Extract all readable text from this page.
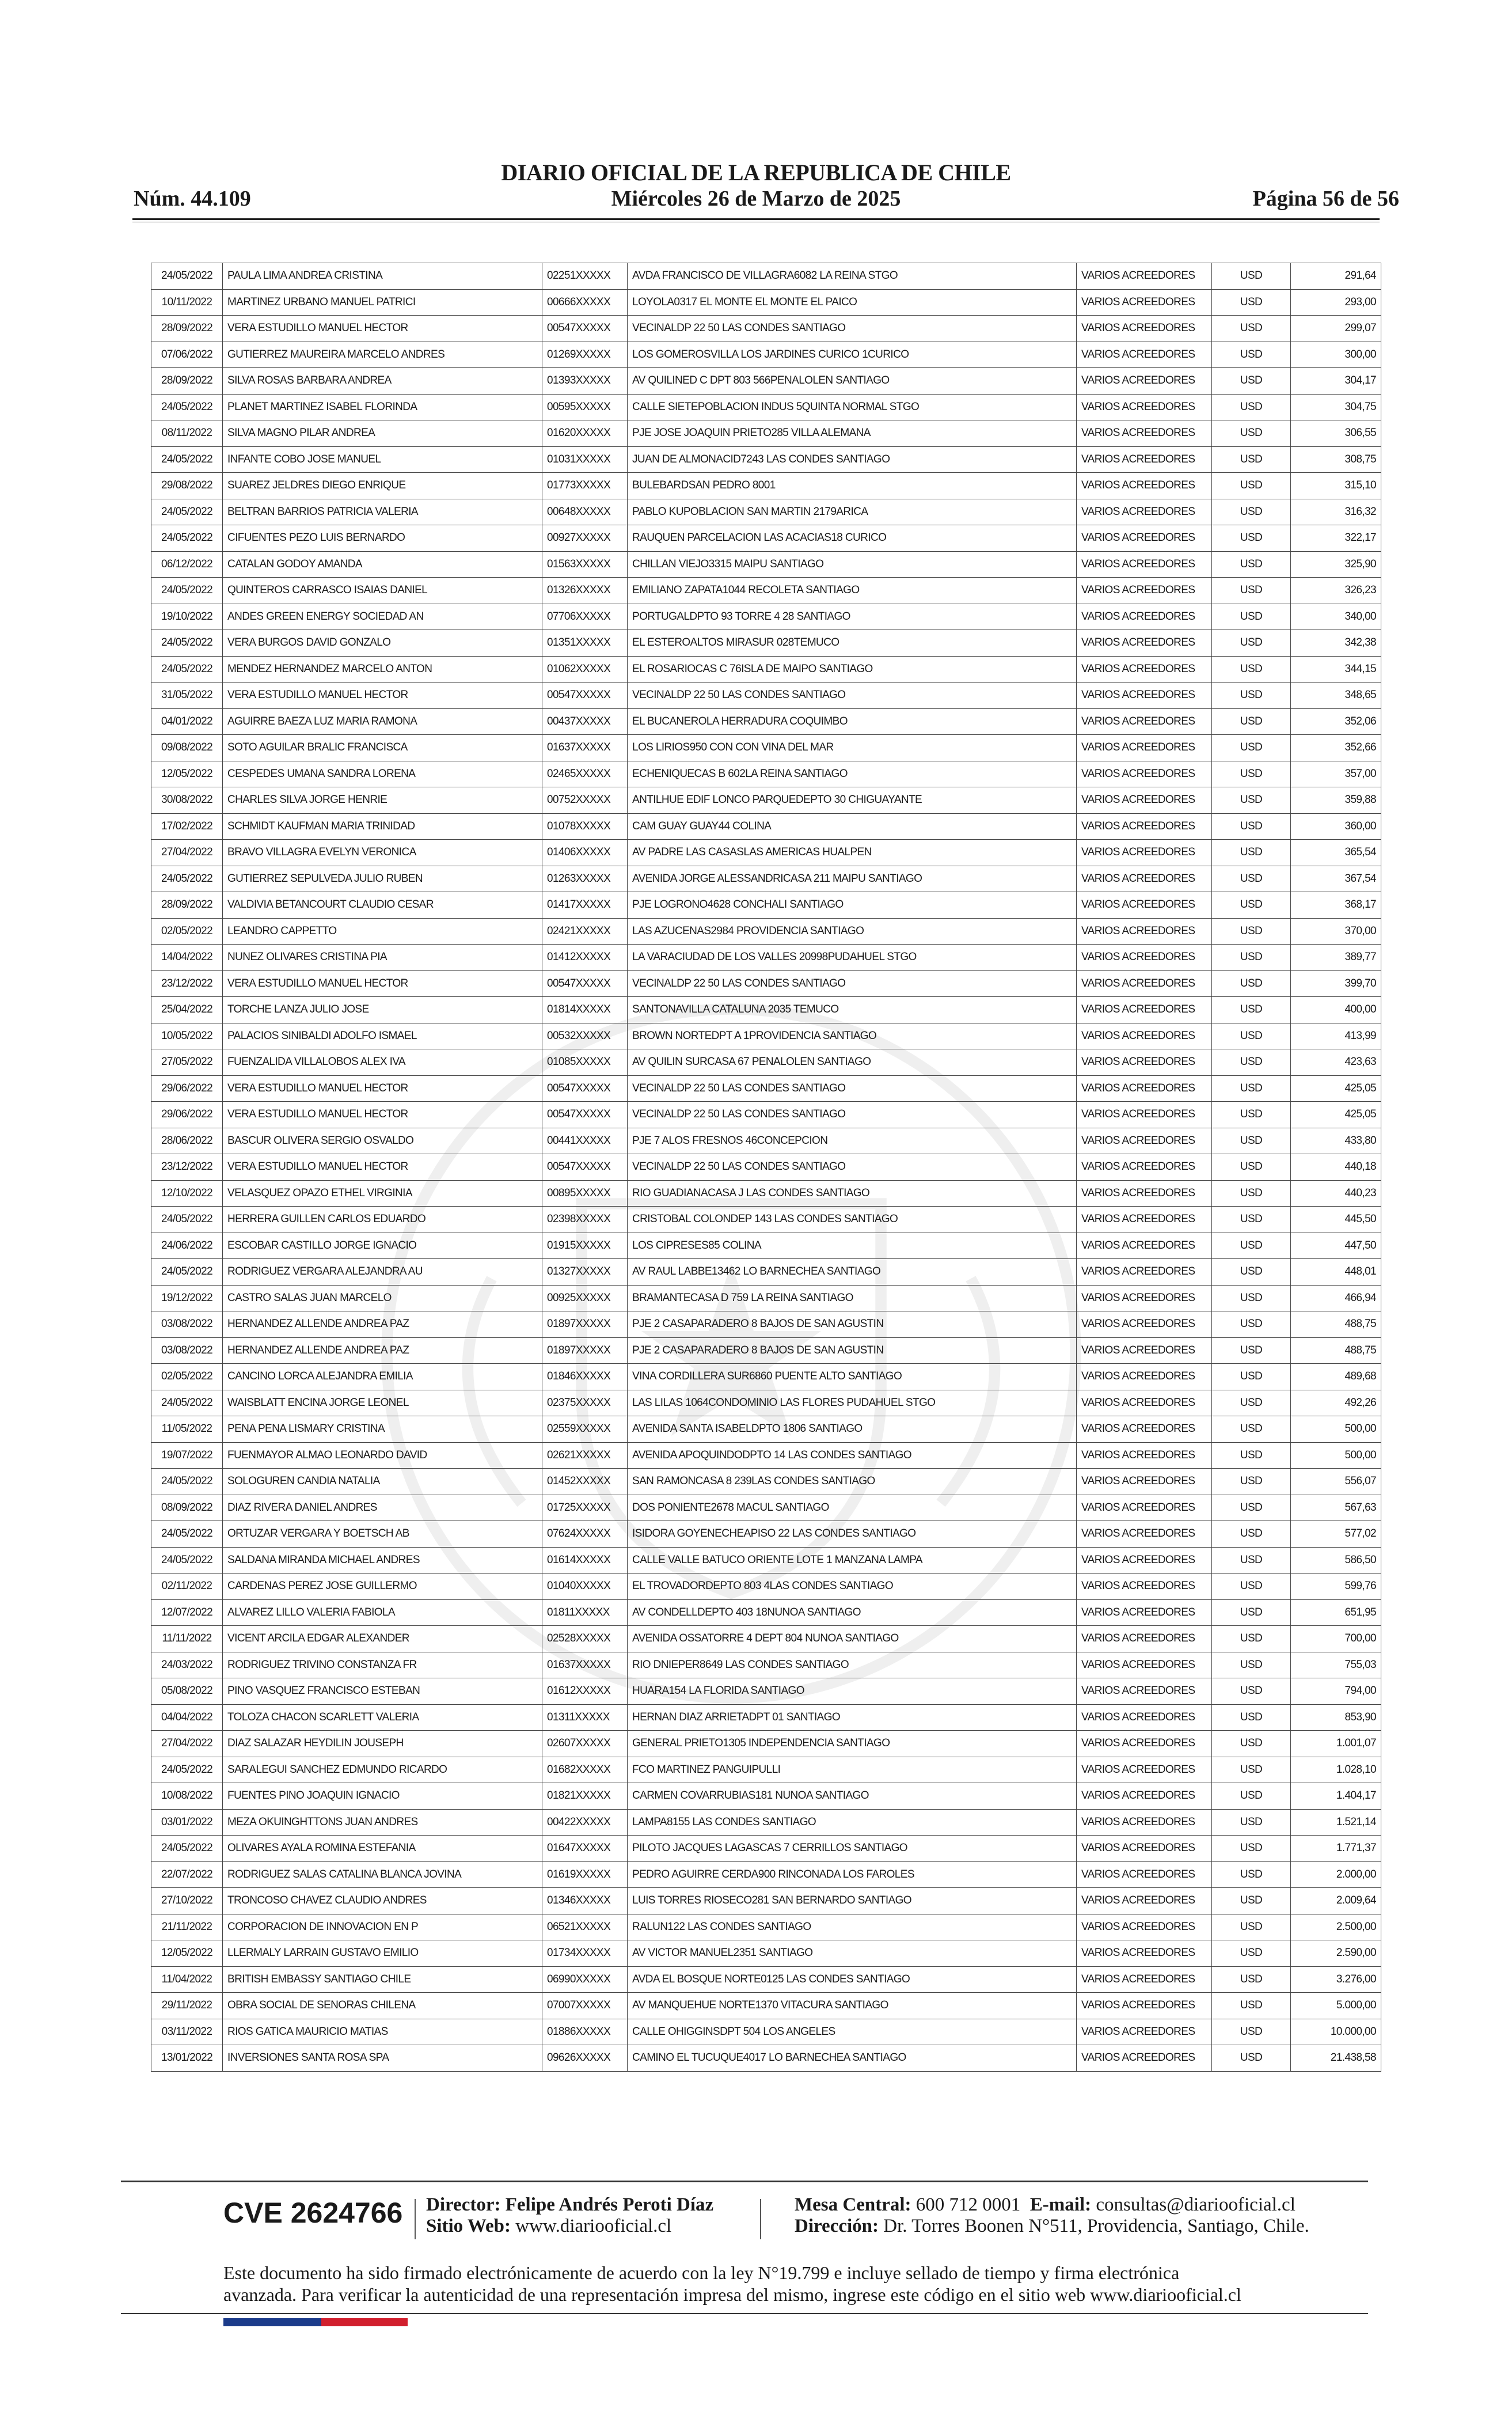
DIARIO OFICIAL DE LA REPUBLICA DE CHILE
Núm. 44.109	Miércoles 26 de Marzo de 2025	Página 56 de 56
24/05/2022	PAULA LIMA ANDREA CRISTINA	02251XXXXX	AVDA FRANCISCO DE VILLAGRA6082 LA REINA STGO	VARIOS ACREEDORES	USD	291,64
10/11/2022	MARTINEZ URBANO MANUEL PATRICI	00666XXXXX	LOYOLA0317 EL MONTE EL MONTE EL PAICO	VARIOS ACREEDORES	USD	293,00
28/09/2022	VERA ESTUDILLO MANUEL HECTOR	00547XXXXX	VECINALDP 22 50 LAS CONDES SANTIAGO	VARIOS ACREEDORES	USD	299,07
07/06/2022	GUTIERREZ MAUREIRA MARCELO ANDRES	01269XXXXX	LOS GOMEROSVILLA LOS JARDINES CURICO 1CURICO	VARIOS ACREEDORES	USD	300,00
28/09/2022	SILVA ROSAS BARBARA ANDREA	01393XXXXX	AV QUILINED C DPT 803 566PENALOLEN SANTIAGO	VARIOS ACREEDORES	USD	304,17
24/05/2022	PLANET MARTINEZ ISABEL FLORINDA	00595XXXXX	CALLE SIETEPOBLACION INDUS 5QUINTA NORMAL STGO	VARIOS ACREEDORES	USD	304,75
08/11/2022	SILVA MAGNO PILAR ANDREA	01620XXXXX	PJE JOSE JOAQUIN PRIETO285 VILLA ALEMANA	VARIOS ACREEDORES	USD	306,55
24/05/2022	INFANTE COBO JOSE MANUEL	01031XXXXX	JUAN DE ALMONACID7243 LAS CONDES SANTIAGO	VARIOS ACREEDORES	USD	308,75
29/08/2022	SUAREZ JELDRES DIEGO ENRIQUE	01773XXXXX	BULEBARDSAN PEDRO 8001	VARIOS ACREEDORES	USD	315,10
24/05/2022	BELTRAN BARRIOS PATRICIA VALERIA	00648XXXXX	PABLO KUPOBLACION SAN MARTIN 2179ARICA	VARIOS ACREEDORES	USD	316,32
24/05/2022	CIFUENTES PEZO LUIS BERNARDO	00927XXXXX	RAUQUEN PARCELACION LAS ACACIAS18 CURICO	VARIOS ACREEDORES	USD	322,17
06/12/2022	CATALAN GODOY AMANDA	01563XXXXX	CHILLAN VIEJO3315 MAIPU SANTIAGO	VARIOS ACREEDORES	USD	325,90
24/05/2022	QUINTEROS CARRASCO ISAIAS DANIEL	01326XXXXX	EMILIANO ZAPATA1044 RECOLETA SANTIAGO	VARIOS ACREEDORES	USD	326,23
19/10/2022	ANDES GREEN ENERGY SOCIEDAD AN	07706XXXXX	PORTUGALDPTO 93 TORRE 4 28 SANTIAGO	VARIOS ACREEDORES	USD	340,00
24/05/2022	VERA BURGOS DAVID GONZALO	01351XXXXX	EL ESTEROALTOS MIRASUR 028TEMUCO	VARIOS ACREEDORES	USD	342,38
24/05/2022	MENDEZ HERNANDEZ MARCELO ANTON	01062XXXXX	EL ROSARIOCAS C 76ISLA DE MAIPO SANTIAGO	VARIOS ACREEDORES	USD	344,15
31/05/2022	VERA ESTUDILLO MANUEL HECTOR	00547XXXXX	VECINALDP 22 50 LAS CONDES SANTIAGO	VARIOS ACREEDORES	USD	348,65
04/01/2022	AGUIRRE BAEZA LUZ MARIA RAMONA	00437XXXXX	EL BUCANEROLA HERRADURA COQUIMBO	VARIOS ACREEDORES	USD	352,06
09/08/2022	SOTO AGUILAR BRALIC FRANCISCA	01637XXXXX	LOS LIRIOS950 CON CON VINA DEL MAR	VARIOS ACREEDORES	USD	352,66
12/05/2022	CESPEDES UMANA SANDRA LORENA	02465XXXXX	ECHENIQUECAS B 602LA REINA SANTIAGO	VARIOS ACREEDORES	USD	357,00
30/08/2022	CHARLES SILVA JORGE HENRIE	00752XXXXX	ANTILHUE EDIF LONCO PARQUEDEPTO 30 CHIGUAYANTE	VARIOS ACREEDORES	USD	359,88
17/02/2022	SCHMIDT KAUFMAN MARIA TRINIDAD	01078XXXXX	CAM GUAY GUAY44 COLINA	VARIOS ACREEDORES	USD	360,00
27/04/2022	BRAVO VILLAGRA EVELYN VERONICA	01406XXXXX	AV PADRE LAS CASASLAS AMERICAS HUALPEN	VARIOS ACREEDORES	USD	365,54
24/05/2022	GUTIERREZ SEPULVEDA JULIO RUBEN	01263XXXXX	AVENIDA JORGE ALESSANDRICASA 211 MAIPU SANTIAGO	VARIOS ACREEDORES	USD	367,54
28/09/2022	VALDIVIA BETANCOURT CLAUDIO CESAR	01417XXXXX	PJE LOGRONO4628 CONCHALI SANTIAGO	VARIOS ACREEDORES	USD	368,17
02/05/2022	LEANDRO CAPPETTO	02421XXXXX	LAS AZUCENAS2984 PROVIDENCIA SANTIAGO	VARIOS ACREEDORES	USD	370,00
14/04/2022	NUNEZ OLIVARES CRISTINA PIA	01412XXXXX	LA VARACIUDAD DE LOS VALLES 20998PUDAHUEL STGO	VARIOS ACREEDORES	USD	389,77
23/12/2022	VERA ESTUDILLO MANUEL HECTOR	00547XXXXX	VECINALDP 22 50 LAS CONDES SANTIAGO	VARIOS ACREEDORES	USD	399,70
25/04/2022	TORCHE LANZA JULIO JOSE	01814XXXXX	SANTONAVILLA CATALUNA 2035 TEMUCO	VARIOS ACREEDORES	USD	400,00
10/05/2022	PALACIOS SINIBALDI ADOLFO ISMAEL	00532XXXXX	BROWN NORTEDPT A 1PROVIDENCIA SANTIAGO	VARIOS ACREEDORES	USD	413,99
27/05/2022	FUENZALIDA VILLALOBOS ALEX IVA	01085XXXXX	AV QUILIN SURCASA 67 PENALOLEN SANTIAGO	VARIOS ACREEDORES	USD	423,63
29/06/2022	VERA ESTUDILLO MANUEL HECTOR	00547XXXXX	VECINALDP 22 50 LAS CONDES SANTIAGO	VARIOS ACREEDORES	USD	425,05
29/06/2022	VERA ESTUDILLO MANUEL HECTOR	00547XXXXX	VECINALDP 22 50 LAS CONDES SANTIAGO	VARIOS ACREEDORES	USD	425,05
28/06/2022	BASCUR OLIVERA SERGIO OSVALDO	00441XXXXX	PJE 7 ALOS FRESNOS 46CONCEPCION	VARIOS ACREEDORES	USD	433,80
23/12/2022	VERA ESTUDILLO MANUEL HECTOR	00547XXXXX	VECINALDP 22 50 LAS CONDES SANTIAGO	VARIOS ACREEDORES	USD	440,18
12/10/2022	VELASQUEZ OPAZO ETHEL VIRGINIA	00895XXXXX	RIO GUADIANACASA J LAS CONDES SANTIAGO	VARIOS ACREEDORES	USD	440,23
24/05/2022	HERRERA GUILLEN CARLOS EDUARDO	02398XXXXX	CRISTOBAL COLONDEP 143 LAS CONDES SANTIAGO	VARIOS ACREEDORES	USD	445,50
24/06/2022	ESCOBAR CASTILLO JORGE IGNACIO	01915XXXXX	LOS CIPRESES85 COLINA	VARIOS ACREEDORES	USD	447,50
24/05/2022	RODRIGUEZ VERGARA ALEJANDRA AU	01327XXXXX	AV RAUL LABBE13462 LO BARNECHEA SANTIAGO	VARIOS ACREEDORES	USD	448,01
19/12/2022	CASTRO SALAS JUAN MARCELO	00925XXXXX	BRAMANTECASA D 759 LA REINA SANTIAGO	VARIOS ACREEDORES	USD	466,94
03/08/2022	HERNANDEZ ALLENDE ANDREA PAZ	01897XXXXX	PJE 2 CASAPARADERO 8 BAJOS DE SAN AGUSTIN	VARIOS ACREEDORES	USD	488,75
03/08/2022	HERNANDEZ ALLENDE ANDREA PAZ	01897XXXXX	PJE 2 CASAPARADERO 8 BAJOS DE SAN AGUSTIN	VARIOS ACREEDORES	USD	488,75
02/05/2022	CANCINO LORCA ALEJANDRA EMILIA	01846XXXXX	VINA CORDILLERA SUR6860 PUENTE ALTO SANTIAGO	VARIOS ACREEDORES	USD	489,68
24/05/2022	WAISBLATT ENCINA JORGE LEONEL	02375XXXXX	LAS LILAS 1064CONDOMINIO LAS FLORES PUDAHUEL STGO	VARIOS ACREEDORES	USD	492,26
11/05/2022	PENA PENA LISMARY CRISTINA	02559XXXXX	AVENIDA SANTA ISABELDPTO 1806 SANTIAGO	VARIOS ACREEDORES	USD	500,00
19/07/2022	FUENMAYOR ALMAO LEONARDO DAVID	02621XXXXX	AVENIDA APOQUINDODPTO 14 LAS CONDES SANTIAGO	VARIOS ACREEDORES	USD	500,00
24/05/2022	SOLOGUREN CANDIA NATALIA	01452XXXXX	SAN RAMONCASA 8 239LAS CONDES SANTIAGO	VARIOS ACREEDORES	USD	556,07
08/09/2022	DIAZ RIVERA DANIEL ANDRES	01725XXXXX	DOS PONIENTE2678 MACUL SANTIAGO	VARIOS ACREEDORES	USD	567,63
24/05/2022	ORTUZAR VERGARA Y BOETSCH AB	07624XXXXX	ISIDORA GOYENECHEAPISO 22 LAS CONDES SANTIAGO	VARIOS ACREEDORES	USD	577,02
24/05/2022	SALDANA MIRANDA MICHAEL ANDRES	01614XXXXX	CALLE VALLE BATUCO ORIENTE LOTE 1 MANZANA LAMPA	VARIOS ACREEDORES	USD	586,50
02/11/2022	CARDENAS PEREZ JOSE GUILLERMO	01040XXXXX	EL TROVADORDEPTO 803 4LAS CONDES SANTIAGO	VARIOS ACREEDORES	USD	599,76
12/07/2022	ALVAREZ LILLO VALERIA FABIOLA	01811XXXXX	AV CONDELLDEPTO 403 18NUNOA SANTIAGO	VARIOS ACREEDORES	USD	651,95
11/11/2022	VICENT ARCILA EDGAR ALEXANDER	02528XXXXX	AVENIDA OSSATORRE 4 DEPT 804 NUNOA SANTIAGO	VARIOS ACREEDORES	USD	700,00
24/03/2022	RODRIGUEZ TRIVINO CONSTANZA FR	01637XXXXX	RIO DNIEPER8649 LAS CONDES SANTIAGO	VARIOS ACREEDORES	USD	755,03
05/08/2022	PINO VASQUEZ FRANCISCO ESTEBAN	01612XXXXX	HUARA154 LA FLORIDA SANTIAGO	VARIOS ACREEDORES	USD	794,00
04/04/2022	TOLOZA CHACON SCARLETT VALERIA	01311XXXXX	HERNAN DIAZ ARRIETADPT 01 SANTIAGO	VARIOS ACREEDORES	USD	853,90
27/04/2022	DIAZ SALAZAR HEYDILIN JOUSEPH	02607XXXXX	GENERAL PRIETO1305 INDEPENDENCIA SANTIAGO	VARIOS ACREEDORES	USD	1.001,07
24/05/2022	SARALEGUI SANCHEZ EDMUNDO RICARDO	01682XXXXX	FCO MARTINEZ PANGUIPULLI	VARIOS ACREEDORES	USD	1.028,10
10/08/2022	FUENTES PINO JOAQUIN IGNACIO	01821XXXXX	CARMEN COVARRUBIAS181 NUNOA SANTIAGO	VARIOS ACREEDORES	USD	1.404,17
03/01/2022	MEZA OKUINGHTTONS JUAN ANDRES	00422XXXXX	LAMPA8155 LAS CONDES SANTIAGO	VARIOS ACREEDORES	USD	1.521,14
24/05/2022	OLIVARES AYALA ROMINA ESTEFANIA	01647XXXXX	PILOTO JACQUES LAGASCAS 7 CERRILLOS SANTIAGO	VARIOS ACREEDORES	USD	1.771,37
22/07/2022	RODRIGUEZ SALAS CATALINA BLANCA JOVINA	01619XXXXX	PEDRO AGUIRRE CERDA900 RINCONADA LOS FAROLES	VARIOS ACREEDORES	USD	2.000,00
27/10/2022	TRONCOSO CHAVEZ CLAUDIO ANDRES	01346XXXXX	LUIS TORRES RIOSECO281 SAN BERNARDO SANTIAGO	VARIOS ACREEDORES	USD	2.009,64
21/11/2022	CORPORACION DE INNOVACION EN P	06521XXXXX	RALUN122 LAS CONDES SANTIAGO	VARIOS ACREEDORES	USD	2.500,00
12/05/2022	LLERMALY LARRAIN GUSTAVO EMILIO	01734XXXXX	AV VICTOR MANUEL2351 SANTIAGO	VARIOS ACREEDORES	USD	2.590,00
11/04/2022	BRITISH EMBASSY SANTIAGO CHILE	06990XXXXX	AVDA EL BOSQUE NORTE0125 LAS CONDES SANTIAGO	VARIOS ACREEDORES	USD	3.276,00
29/11/2022	OBRA SOCIAL DE SENORAS CHILENA	07007XXXXX	AV MANQUEHUE NORTE1370 VITACURA SANTIAGO	VARIOS ACREEDORES	USD	5.000,00
03/11/2022	RIOS GATICA MAURICIO MATIAS	01886XXXXX	CALLE OHIGGINSDPT 504 LOS ANGELES	VARIOS ACREEDORES	USD	10.000,00
13/01/2022	INVERSIONES SANTA ROSA SPA	09626XXXXX	CAMINO EL TUCUQUE4017 LO BARNECHEA SANTIAGO	VARIOS ACREEDORES	USD	21.438,58
CVE 2624766 Director: Felipe Andrés Peroti Díaz
Sitio Web: www.diariooficial.cl
Mesa Central: 600 712 0001 E-mail: consultas@diariooficial.cl
Dirección: Dr. Torres Boonen N°511, Providencia, Santiago, Chile.
Este documento ha sido firmado electrónicamente de acuerdo con la ley N°19.799 e incluye sellado de tiempo y firma electrónica
avanzada. Para verificar la autenticidad de una representación impresa del mismo, ingrese este código en el sitio web www.diariooficial.cl
